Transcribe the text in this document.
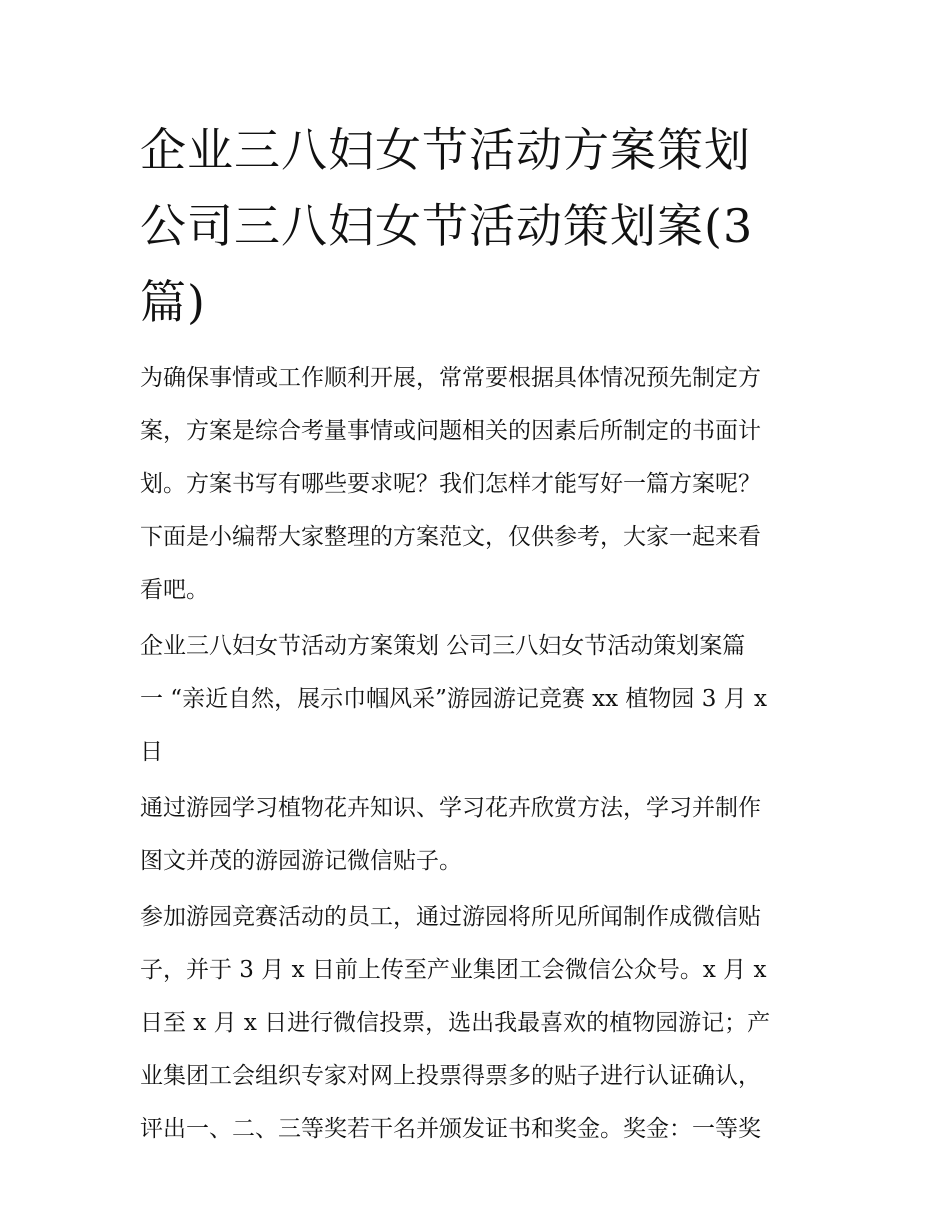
企业三八妇女节活动方案策划
公司三八妇女节活动策划案(3
篇)

为确保事情或工作顺利开展，常常要根据具体情况预先制定方
案，方案是综合考量事情或问题相关的因素后所制定的书面计
划。方案书写有哪些要求呢？我们怎样才能写好一篇方案呢？
下面是小编帮大家整理的方案范文，仅供参考，大家一起来看
看吧。

企业三八妇女节活动方案策划 公司三八妇女节活动策划案篇
一 “亲近自然，展示巾帼风采”游园游记竞赛 xx 植物园 3 月 x
日

通过游园学习植物花卉知识、学习花卉欣赏方法，学习并制作
图文并茂的游园游记微信贴子。

参加游园竞赛活动的员工，通过游园将所见所闻制作成微信贴
子，并于 3 月 x 日前上传至产业集团工会微信公众号。x 月 x
日至 x 月 x 日进行微信投票，选出我最喜欢的植物园游记；产
业集团工会组织专家对网上投票得票多的贴子进行认证确认，
评出一、二、三等奖若干名并颁发证书和奖金。奖金：一等奖
